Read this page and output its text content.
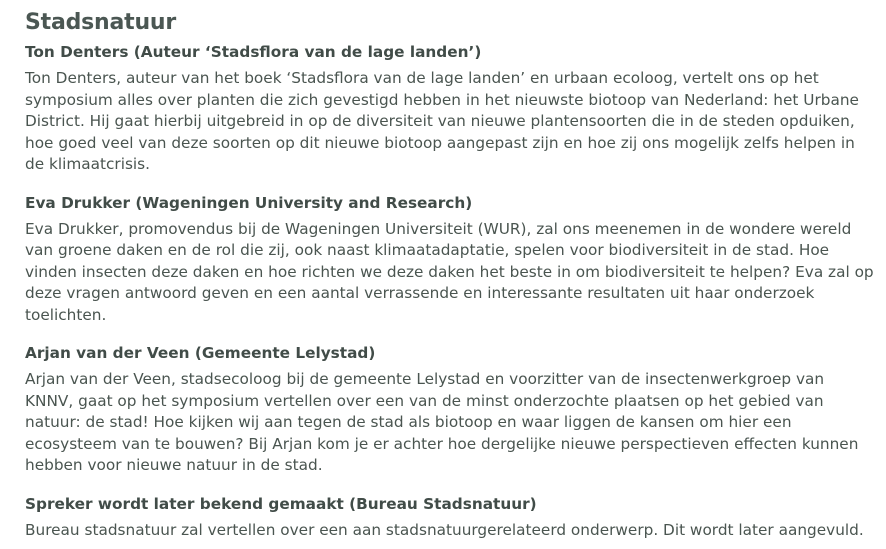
Stadsnatuur
Ton Denters (Auteur ‘Stadsflora van de lage landen’)

Ton Denters, auteur van het boek ‘Stadsflora van de lage landen’ en urbaan ecoloog, vertelt ons op het symposium alles over planten die zich gevestigd hebben in het nieuwste biotoop van Nederland: het Urbane District. Hij gaat hierbij uitgebreid in op de diversiteit van nieuwe plantensoorten die in de steden opduiken, hoe goed veel van deze soorten op dit nieuwe biotoop aangepast zijn en hoe zij ons mogelijk zelfs helpen in de klimaatcrisis.

Eva Drukker (Wageningen University and Research)

Eva Drukker, promovendus bij de Wageningen Universiteit (WUR), zal ons meenemen in de wondere wereld van groene daken en de rol die zij, ook naast klimaatadaptatie, spelen voor biodiversiteit in de stad. Hoe vinden insecten deze daken en hoe richten we deze daken het beste in om biodiversiteit te helpen? Eva zal op deze vragen antwoord geven en een aantal verrassende en interessante resultaten uit haar onderzoek toelichten.

Arjan van der Veen (Gemeente Lelystad)

Arjan van der Veen, stadsecoloog bij de gemeente Lelystad en voorzitter van de insectenwerkgroep van KNNV, gaat op het symposium vertellen over een van de minst onderzochte plaatsen op het gebied van natuur: de stad! Hoe kijken wij aan tegen de stad als biotoop en waar liggen de kansen om hier een ecosysteem van te bouwen? Bij Arjan kom je er achter hoe dergelijke nieuwe perspectieven effecten kunnen hebben voor nieuwe natuur in de stad.

Spreker wordt later bekend gemaakt (Bureau Stadsnatuur)

Bureau stadsnatuur zal vertellen over een aan stadsnatuurgerelateerd onderwerp. Dit wordt later aangevuld.
